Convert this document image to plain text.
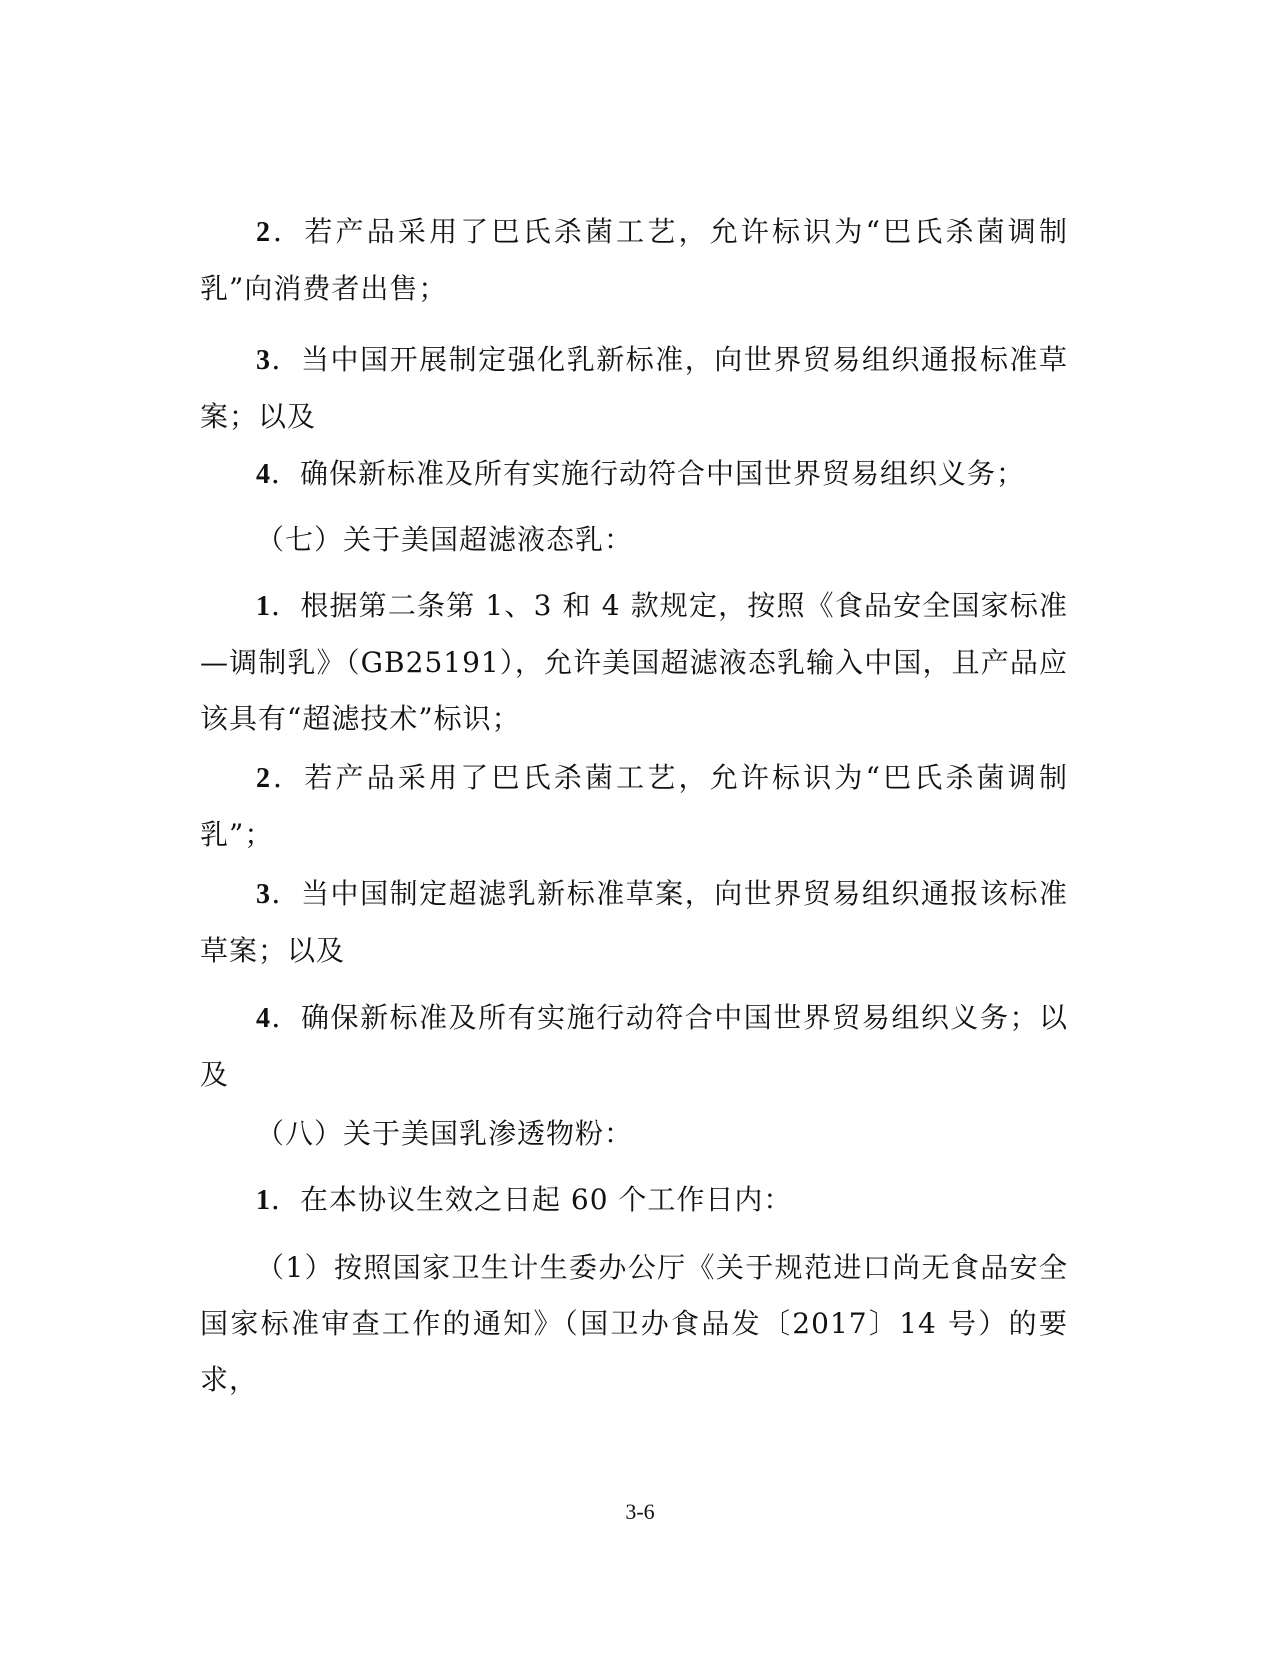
2．若产品采用了巴氏杀菌工艺，允许标识为“巴氏杀菌调制乳”向消费者出售；

3．当中国开展制定强化乳新标准，向世界贸易组织通报标准草案；以及

4．确保新标准及所有实施行动符合中国世界贸易组织义务；

（七）关于美国超滤液态乳：

1．根据第二条第 1、3 和 4 款规定，按照《食品安全国家标准—调制乳》（GB25191），允许美国超滤液态乳输入中国，且产品应该具有“超滤技术”标识；

2．若产品采用了巴氏杀菌工艺，允许标识为“巴氏杀菌调制乳”；

3．当中国制定超滤乳新标准草案，向世界贸易组织通报该标准草案；以及

4．确保新标准及所有实施行动符合中国世界贸易组织义务；以及

（八）关于美国乳渗透物粉：

1．在本协议生效之日起 60 个工作日内：

（1）按照国家卫生计生委办公厅《关于规范进口尚无食品安全国家标准审查工作的通知》（国卫办食品发〔2017〕14 号）的要求，

3-6
